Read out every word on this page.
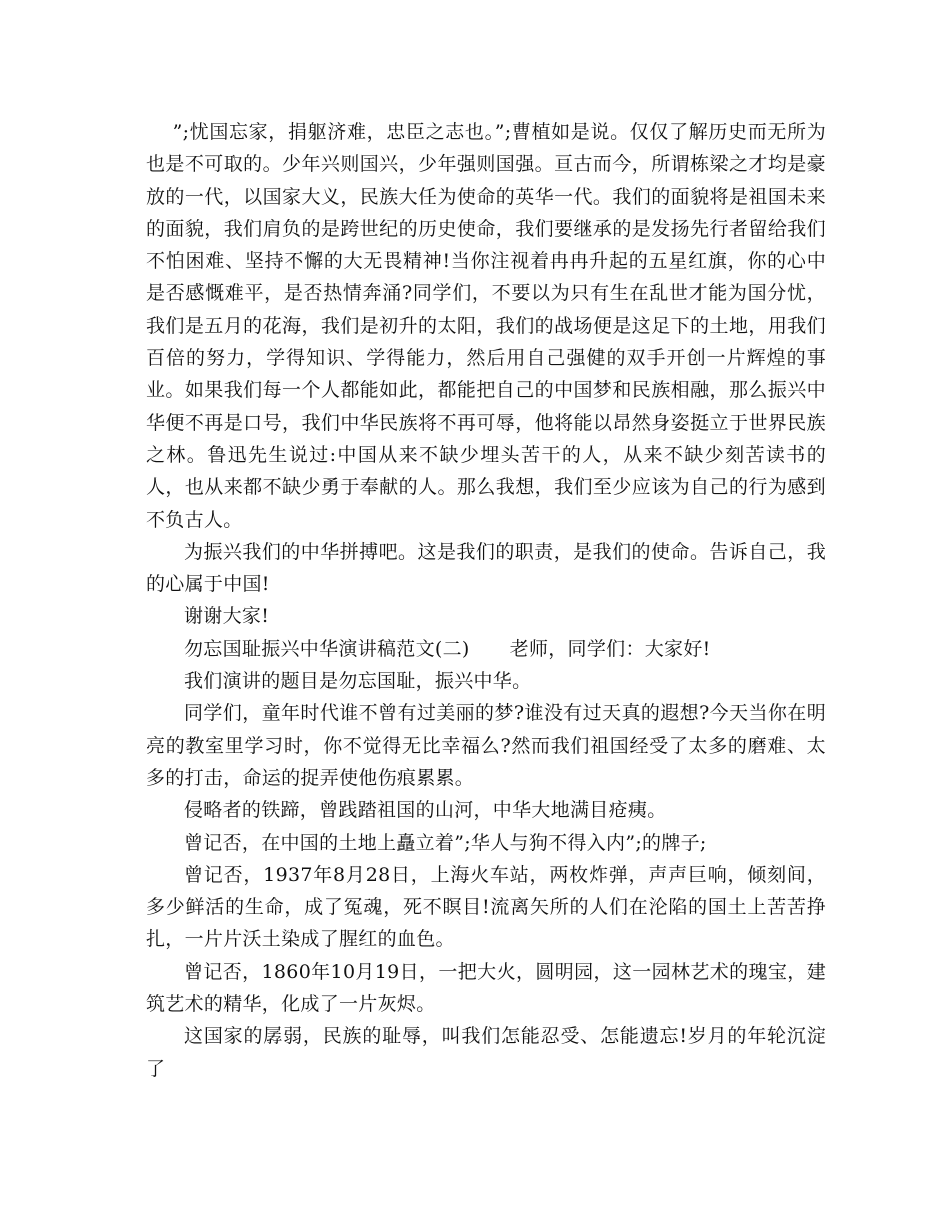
”;忧国忘家，捐躯济难，忠臣之志也。”;曹植如是说。仅仅了解历史而无所为也是不可取的。少年兴则国兴，少年强则国强。亘古而今，所谓栋梁之才均是豪放的一代，以国家大义，民族大任为使命的英华一代。我们的面貌将是祖国未来的面貌，我们肩负的是跨世纪的历史使命，我们要继承的是发扬先行者留给我们不怕困难、坚持不懈的大无畏精神!当你注视着冉冉升起的五星红旗，你的心中是否感慨难平，是否热情奔涌?同学们，不要以为只有生在乱世才能为国分忧，我们是五月的花海，我们是初升的太阳，我们的战场便是这足下的土地，用我们百倍的努力，学得知识、学得能力，然后用自己强健的双手开创一片辉煌的事业。如果我们每一个人都能如此，都能把自己的中国梦和民族相融，那么振兴中华便不再是口号，我们中华民族将不再可辱，他将能以昂然身姿挺立于世界民族之林。鲁迅先生说过:中国从来不缺少埋头苦干的人，从来不缺少刻苦读书的人，也从来都不缺少勇于奉献的人。那么我想，我们至少应该为自己的行为感到不负古人。

为振兴我们的中华拼搏吧。这是我们的职责，是我们的使命。告诉自己，我的心属于中国!

谢谢大家!

勿忘国耻振兴中华演讲稿范文(二) 老师，同学们：大家好!

我们演讲的题目是勿忘国耻，振兴中华。

同学们，童年时代谁不曾有过美丽的梦?谁没有过天真的遐想?今天当你在明亮的教室里学习时，你不觉得无比幸福么?然而我们祖国经受了太多的磨难、太多的打击，命运的捉弄使他伤痕累累。

侵略者的铁蹄，曾践踏祖国的山河，中华大地满目疮痍。

曾记否，在中国的土地上矗立着”;华人与狗不得入内”;的牌子;

曾记否，1937年8月28日，上海火车站，两枚炸弹，声声巨响，倾刻间，多少鲜活的生命，成了冤魂，死不瞑目!流离矢所的人们在沦陷的国土上苦苦挣扎，一片片沃土染成了腥红的血色。

曾记否，1860年10月19日，一把大火，圆明园，这一园林艺术的瑰宝，建筑艺术的精华，化成了一片灰烬。

这国家的孱弱，民族的耻辱，叫我们怎能忍受、怎能遗忘!岁月的年轮沉淀了
